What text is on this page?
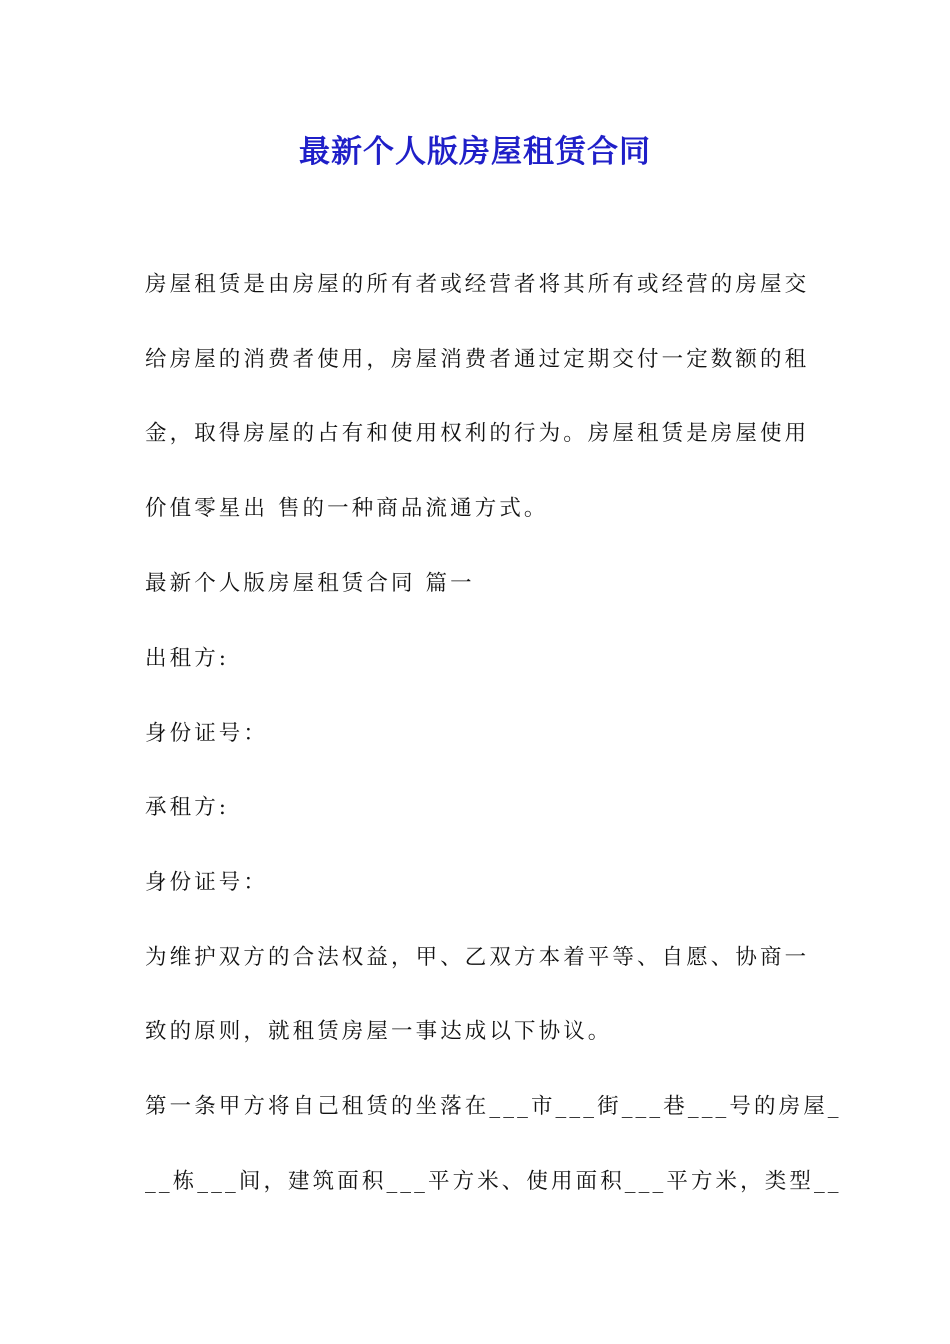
最新个人版房屋租赁合同
房屋租赁是由房屋的所有者或经营者将其所有或经营的房屋交
给房屋的消费者使用，房屋消费者通过定期交付一定数额的租
金，取得房屋的占有和使用权利的行为。房屋租赁是房屋使用
价值零星出 售的一种商品流通方式。
最新个人版房屋租赁合同 篇一
出租方:
身份证号：
承租方:
身份证号：
为维护双方的合法权益，甲、乙双方本着平等、自愿、协商一
致的原则，就租赁房屋一事达成以下协议。
第一条甲方将自己租赁的坐落在___市___街___巷___号的房屋_
__栋___间，建筑面积___平方米、使用面积___平方米，类型__
